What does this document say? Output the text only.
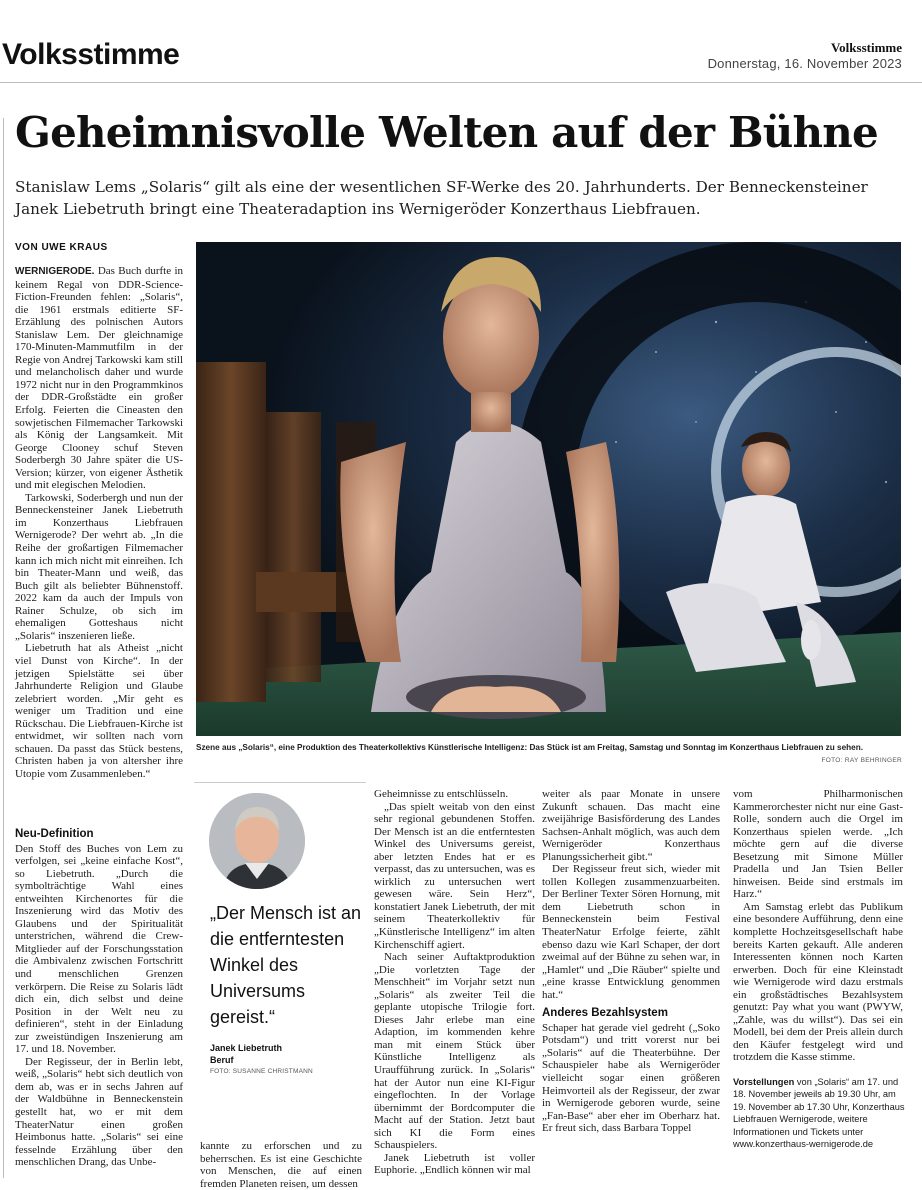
Volksstimme	Volksstimme
Donnerstag, 16. November 2023
Geheimnisvolle Welten auf der Bühne
Stanislaw Lems „Solaris“ gilt als eine der wesentlichen SF-Werke des 20. Jahrhunderts. Der Benneckensteiner Janek Liebetruth bringt eine Theateradaption ins Wernigeröder Konzerthaus Liebfrauen.
VON UWE KRAUS
Szene aus „Solaris“, eine Produktion des Theaterkollektivs Künstlerische Intelligenz: Das Stück ist am Freitag, Samstag und Sonntag im Konzerthaus Liebfrauen zu sehen.
FOTO: RAY BEHRINGER

WERNIGERODE. Das Buch durfte in keinem Regal von DDR-Science-Fiction-Freunden fehlen: „Solaris“, die 1961 erstmals editierte SF-Erzählung des polnischen Autors Stanislaw Lem. Der gleichnamige 170-Minuten-Mammutfilm in der Regie von Andrej Tarkowski kam still und melancholisch daher und wurde 1972 nicht nur in den Programmkinos der DDR-Großstädte ein großer Erfolg. Feierten die Cineasten den sowjetischen Filmemacher Tarkowski als König der Langsamkeit. Mit George Clooney schuf Steven Soderbergh 30 Jahre später die US-Version; kürzer, von eigener Ästhetik und mit elegischen Melodien.

Tarkowski, Soderbergh und nun der Benneckensteiner Janek Liebetruth im Konzerthaus Liebfrauen Wernigerode? Der wehrt ab. „In die Reihe der großartigen Filmemacher kann ich mich nicht mit einreihen. Ich bin Theater-Mann und weiß, das Buch gilt als beliebter Bühnenstoff. 2022 kam da auch der Impuls von Rainer Schulze, ob sich im ehemaligen Gotteshaus nicht „Solaris“ inszenieren ließe.

Liebetruth hat als Atheist „nicht viel Dunst von Kirche“. In der jetzigen Spielstätte sei über Jahrhunderte Religion und Glaube zelebriert worden. „Mir geht es weniger um Tradition und eine Rückschau. Die Liebfrauen-Kirche ist entwidmet, wir sollten nach vorn schauen. Da passt das Stück bestens, Christen haben ja von altersher ihre Utopie vom Zusammenleben.“

Neu-Definition

Den Stoff des Buches von Lem zu verfolgen, sei „keine einfache Kost“, so Liebetruth. „Durch die symbolträchtige Wahl eines entweihten Kirchenortes für die Inszenierung wird das Motiv des Glaubens und der Spiritualität unterstrichen, während die Crew-Mitglieder auf der Forschungsstation die Ambivalenz zwischen Fortschritt und menschlichen Grenzen verkörpern. Die Reise zu Solaris lädt dich ein, dich selbst und deine Position in der Welt neu zu definieren“, steht in der Einladung zur zweistündigen Inszenierung am 17. und 18. November.

Der Regisseur, der in Berlin lebt, weiß, „Solaris“ hebt sich deutlich von dem ab, was er in sechs Jahren auf der Waldbühne in Benneckenstein gestellt hat, wo er mit dem TheaterNatur einen großen Heimbonus hatte. „Solaris“ sei eine fesselnde Erzählung über den menschlichen Drang, das Unbe-

„Der Mensch ist an die entferntesten Winkel des Universums gereist.“
Janek Liebetruth
Beruf
FOTO: SUSANNE CHRISTMANN

kannte zu erforschen und zu beherrschen. Es ist eine Geschichte von Menschen, die auf einen fremden Planeten reisen, um dessen

Geheimnisse zu entschlüsseln.

„Das spielt weitab von den einst sehr regional gebundenen Stoffen. Der Mensch ist an die entferntesten Winkel des Universums gereist, aber letzten Endes hat er es verpasst, das zu untersuchen, was es wirklich zu untersuchen wert gewesen wäre. Sein Herz“, konstatiert Janek Liebetruth, der mit seinem Theaterkollektiv für „Künstlerische Intelligenz“ im alten Kirchenschiff agiert.

Nach seiner Auftaktproduktion „Die vorletzten Tage der Menschheit“ im Vorjahr setzt nun „Solaris“ als zweiter Teil die geplante utopische Trilogie fort. Dieses Jahr erlebe man eine Adaption, im kommenden kehre man mit einem Stück über Künstliche Intelligenz als Uraufführung zurück. In „Solaris“ hat der Autor nun eine KI-Figur eingeflochten. In der Vorlage übernimmt der Bordcomputer die Macht auf der Station. Jetzt baut sich KI die Form eines Schauspielers.

Janek Liebetruth ist voller Euphorie. „Endlich können wir mal

weiter als paar Monate in unsere Zukunft schauen. Das macht eine zweijährige Basisförderung des Landes Sachsen-Anhalt möglich, was auch dem Wernigeröder Konzerthaus Planungssicherheit gibt.“

Der Regisseur freut sich, wieder mit tollen Kollegen zusammenzuarbeiten. Der Berliner Texter Sören Hornung, mit dem Liebetruth schon in Benneckenstein beim Festival TheaterNatur Erfolge feierte, zählt ebenso dazu wie Karl Schaper, der dort zweimal auf der Bühne zu sehen war, in „Hamlet“ und „Die Räuber“ spielte und „eine krasse Entwicklung genommen hat.“

Anderes Bezahlsystem

Schaper hat gerade viel gedreht („Soko Potsdam“) und tritt vorerst nur bei „Solaris“ auf die Theaterbühne. Der Schauspieler habe als Wernigeröder vielleicht sogar einen größeren Heimvorteil als der Regisseur, der zwar in Wernigerode geboren wurde, seine „Fan-Base“ aber eher im Oberharz hat. Er freut sich, dass Barbara Toppel

vom Philharmonischen Kammerorchester nicht nur eine Gast-Rolle, sondern auch die Orgel im Konzerthaus spielen werde. „Ich möchte gern auf die diverse Besetzung mit Simone Müller Pradella und Jan Tsien Beller hinweisen. Beide sind erstmals im Harz.“

Am Samstag erlebt das Publikum eine besondere Aufführung, denn eine komplette Hochzeitsgesellschaft habe bereits Karten gekauft. Alle anderen Interessenten können noch Karten erwerben. Doch für eine Kleinstadt wie Wernigerode wird dazu erstmals ein großstädtisches Bezahlsystem genutzt: Pay what you want (PWYW, „Zahle, was du willst“). Das sei ein Modell, bei dem der Preis allein durch den Käufer festgelegt wird und trotzdem die Kasse stimme.

Vorstellungen von „Solaris“ am 17. und 18. November jeweils ab 19.30 Uhr, am 19. November ab 17.30 Uhr, Konzerthaus Liebfrauen Wernigerode, weitere Informationen und Tickets unter www.konzerthaus-wernigerode.de
